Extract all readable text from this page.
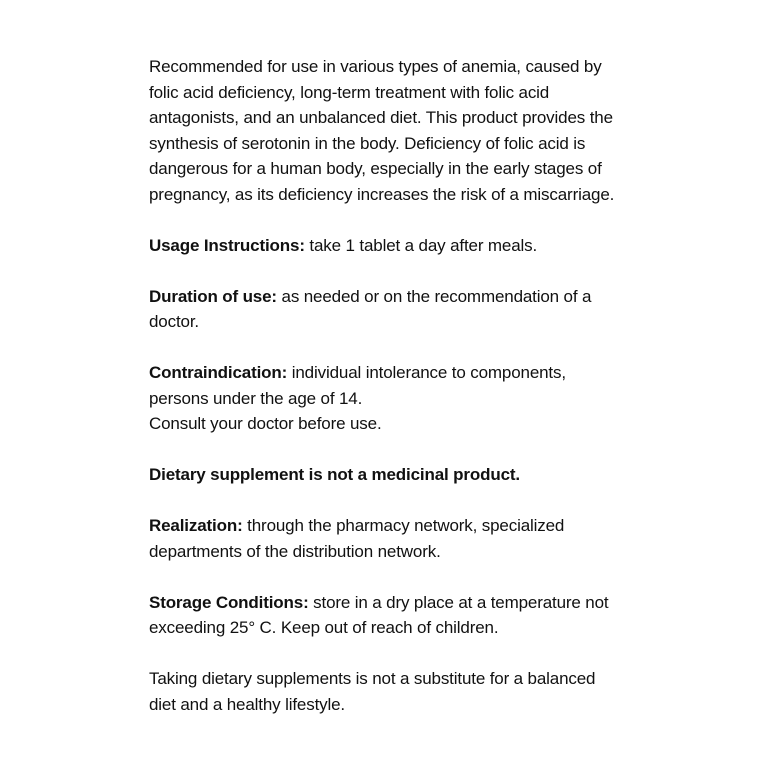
Recommended for use in various types of anemia, caused by folic acid deficiency, long-term treatment with folic acid antagonists, and an unbalanced diet. This product provides the synthesis of serotonin in the body. Deficiency of folic acid is dangerous for a human body, especially in the early stages of pregnancy, as its deficiency increases the risk of a miscarriage.

Usage Instructions: take 1 tablet a day after meals.

Duration of use: as needed or on the recommendation of a doctor.

Contraindication: individual intolerance to components, persons under the age of 14.
Consult your doctor before use.

Dietary supplement is not a medicinal product.

Realization: through the pharmacy network, specialized departments of the distribution network.

Storage Conditions: store in a dry place at a temperature not exceeding 25° C. Keep out of reach of children.

Taking dietary supplements is not a substitute for a balanced diet and a healthy lifestyle.
